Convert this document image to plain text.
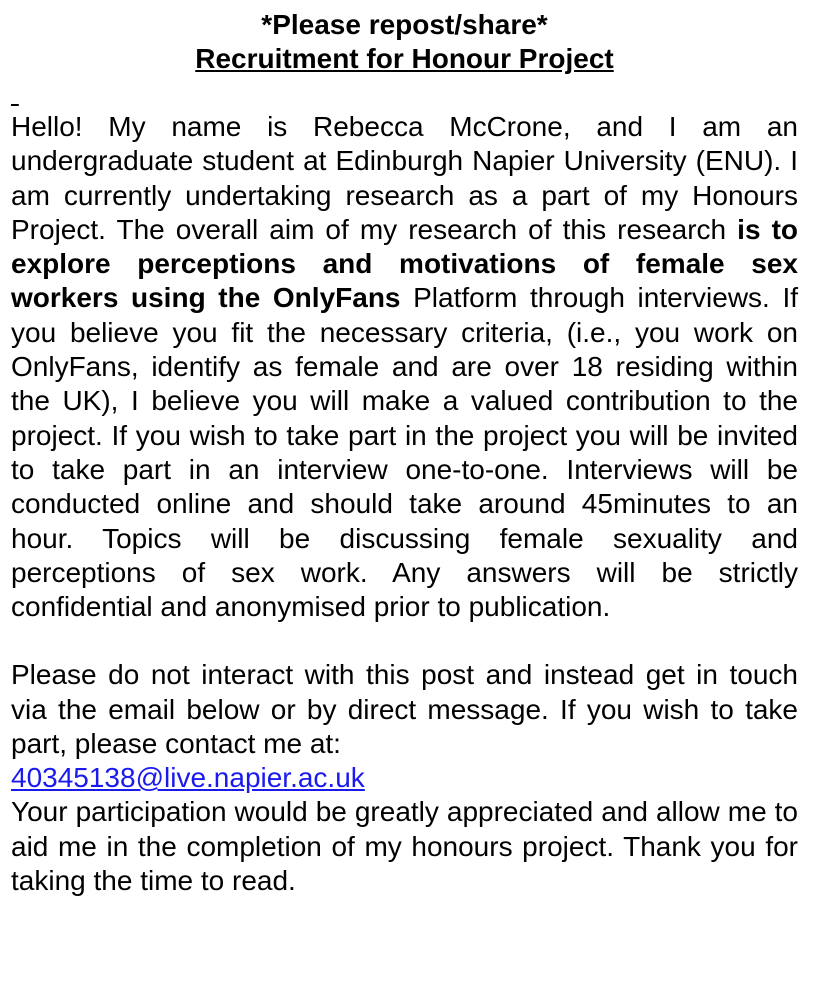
*Please repost/share*
Recruitment for Honour Project

Hello! My name is Rebecca McCrone, and I am an undergraduate student at Edinburgh Napier University (ENU). I am currently undertaking research as a part of my Honours Project. The overall aim of my research of this research is to explore perceptions and motivations of female sex workers using the OnlyFans Platform through interviews. If you believe you fit the necessary criteria, (i.e., you work on OnlyFans, identify as female and are over 18 residing within the UK), I believe you will make a valued contribution to the project. If you wish to take part in the project you will be invited to take part in an interview one-to-one. Interviews will be conducted online and should take around 45minutes to an hour. Topics will be discussing female sexuality and perceptions of sex work. Any answers will be strictly confidential and anonymised prior to publication.

Please do not interact with this post and instead get in touch via the email below or by direct message. If you wish to take part, please contact me at:

40345138@live.napier.ac.uk

Your participation would be greatly appreciated and allow me to aid me in the completion of my honours project. Thank you for taking the time to read.
